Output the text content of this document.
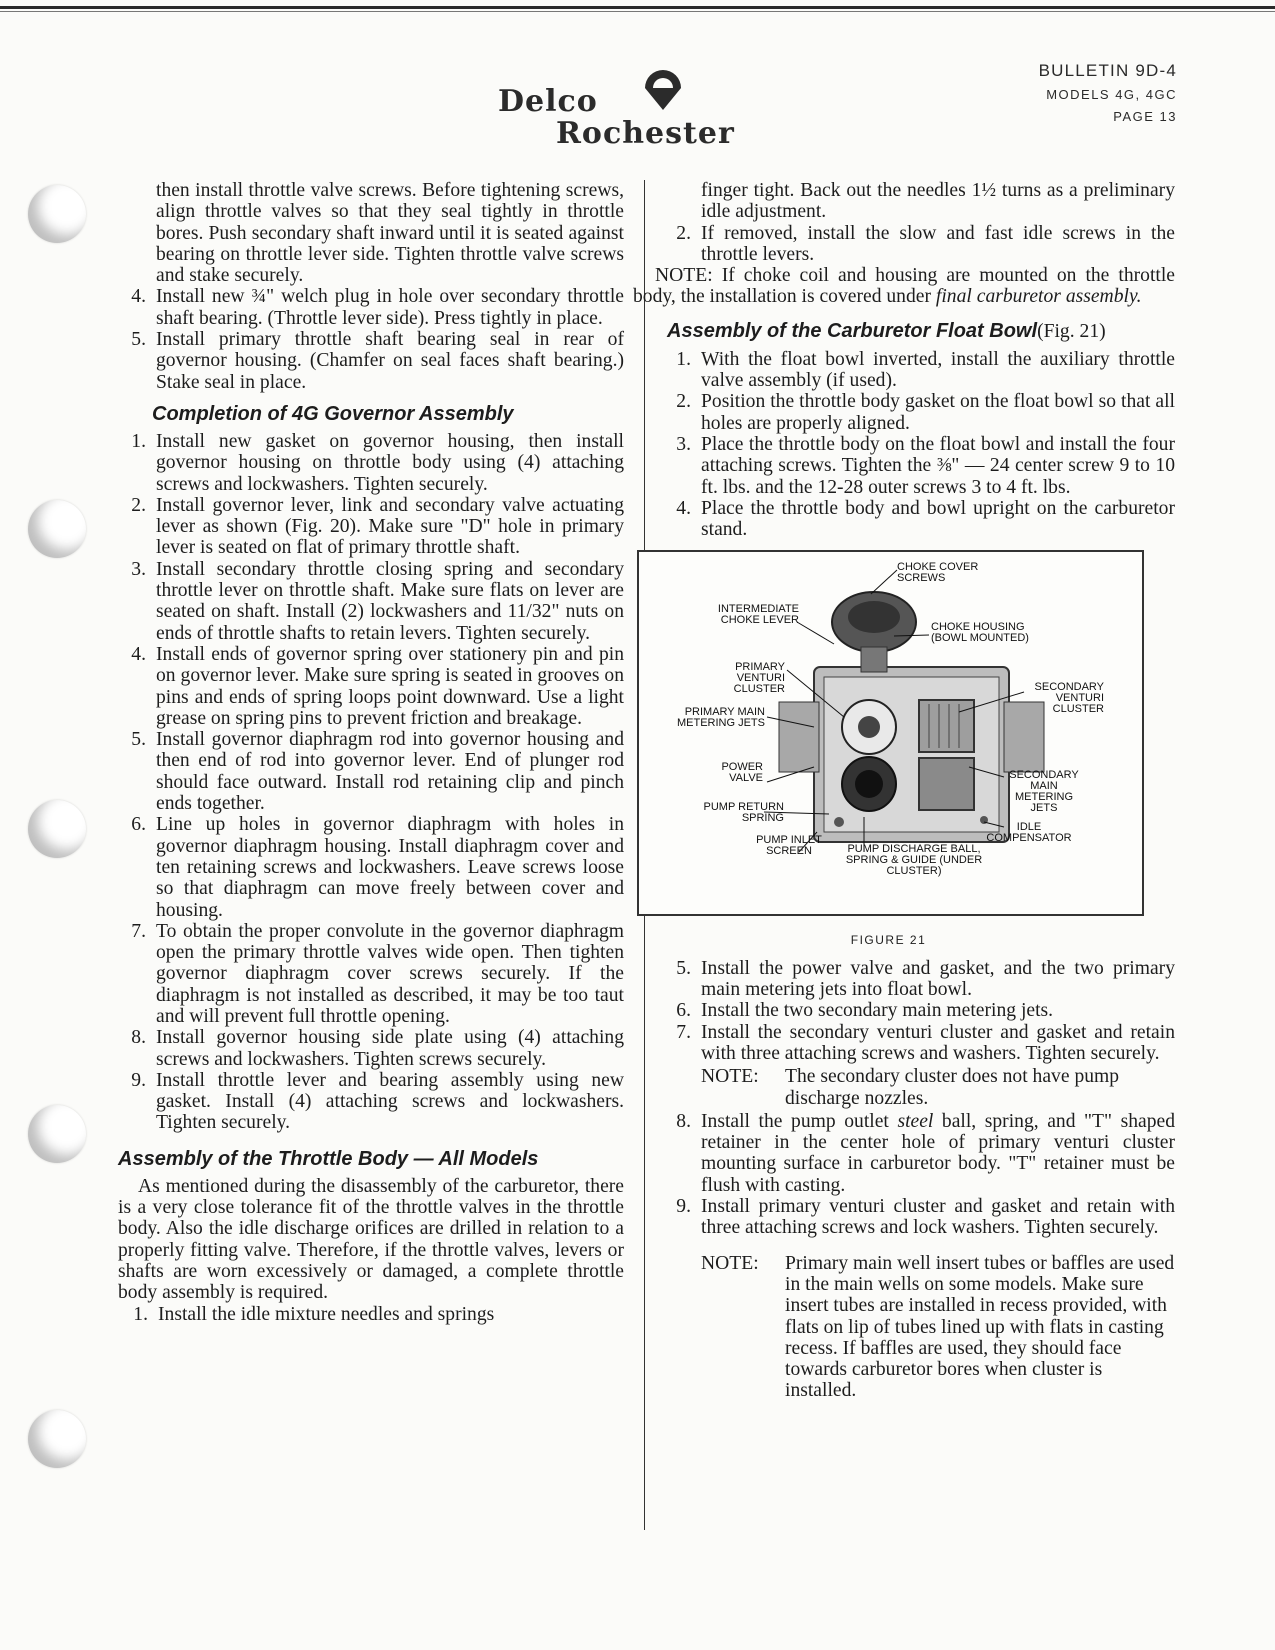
Delco
Rochester
BULLETIN 9D-4
MODELS 4G, 4GC
PAGE 13

then install throttle valve screws. Before tightening screws, align throttle valves so that they seal tightly in throttle bores. Push secondary shaft inward until it is seated against bearing on throttle lever side. Tighten throttle valve screws and stake securely.

4. Install new ¾" welch plug in hole over secondary throttle shaft bearing. (Throttle lever side). Press tightly in place.

5. Install primary throttle shaft bearing seal in rear of governor housing. (Chamfer on seal faces shaft bearing.) Stake seal in place.

Completion of 4G Governor Assembly

1. Install new gasket on governor housing, then install governor housing on throttle body using (4) attaching screws and lockwashers. Tighten securely.

2. Install governor lever, link and secondary valve actuating lever as shown (Fig. 20). Make sure "D" hole in primary lever is seated on flat of primary throttle shaft.

3. Install secondary throttle closing spring and secondary throttle lever on throttle shaft. Make sure flats on lever are seated on shaft. Install (2) lockwashers and 11/32" nuts on ends of throttle shafts to retain levers. Tighten securely.

4. Install ends of governor spring over stationery pin and pin on governor lever. Make sure spring is seated in grooves on pins and ends of spring loops point downward. Use a light grease on spring pins to prevent friction and breakage.

5. Install governor diaphragm rod into governor housing and then end of rod into governor lever. End of plunger rod should face outward. Install rod retaining clip and pinch ends together.

6. Line up holes in governor diaphragm with holes in governor diaphragm housing. Install diaphragm cover and ten retaining screws and lockwashers. Leave screws loose so that diaphragm can move freely between cover and housing.

7. To obtain the proper convolute in the governor diaphragm open the primary throttle valves wide open. Then tighten governor diaphragm cover screws securely. If the diaphragm is not installed as described, it may be too taut and will prevent full throttle opening.

8. Install governor housing side plate using (4) attaching screws and lockwashers. Tighten screws securely.

9. Install throttle lever and bearing assembly using new gasket. Install (4) attaching screws and lockwashers. Tighten securely.

Assembly of the Throttle Body — All Models

As mentioned during the disassembly of the carburetor, there is a very close tolerance fit of the throttle valves in the throttle body. Also the idle discharge orifices are drilled in relation to a properly fitting valve. Therefore, if the throttle valves, levers or shafts are worn excessively or damaged, a complete throttle body assembly is required.

1. Install the idle mixture needles and springs

finger tight. Back out the needles 1½ turns as a preliminary idle adjustment.

2. If removed, install the slow and fast idle screws in the throttle levers.

NOTE: If choke coil and housing are mounted on the throttle body, the installation is covered under final carburetor assembly.

Assembly of the Carburetor Float Bowl(Fig. 21)

1. With the float bowl inverted, install the auxiliary throttle valve assembly (if used).

2. Position the throttle body gasket on the float bowl so that all holes are properly aligned.

3. Place the throttle body on the float bowl and install the four attaching screws. Tighten the ⅜" — 24 center screw 9 to 10 ft. lbs. and the 12-28 outer screws 3 to 4 ft. lbs.

4. Place the throttle body and bowl upright on the carburetor stand.

CHOKE COVER SCREWS
INTERMEDIATE CHOKE LEVER
CHOKE HOUSING (BOWL MOUNTED)
PRIMARY VENTURI CLUSTER	SECONDARY VENTURI CLUSTER
PRIMARY MAIN METERING JETS
POWER VALVE	SECONDARY MAIN METERING JETS
PUMP RETURN SPRING
IDLE COMPENSATOR
PUMP INLET SCREEN	PUMP DISCHARGE BALL, SPRING & GUIDE (UNDER CLUSTER)
FIGURE 21

5. Install the power valve and gasket, and the two primary main metering jets into float bowl.

6. Install the two secondary main metering jets.

7. Install the secondary venturi cluster and gasket and retain with three attaching screws and washers. Tighten securely.

NOTE: The secondary cluster does not have pump discharge nozzles.

8. Install the pump outlet steel ball, spring, and "T" shaped retainer in the center hole of primary venturi cluster mounting surface in carburetor body. "T" retainer must be flush with casting.

9. Install primary venturi cluster and gasket and retain with three attaching screws and lock washers. Tighten securely.

NOTE: Primary main well insert tubes or baffles are used in the main wells on some models. Make sure insert tubes are installed in recess provided, with flats on lip of tubes lined up with flats in casting recess. If baffles are used, they should face towards carburetor bores when cluster is installed.
